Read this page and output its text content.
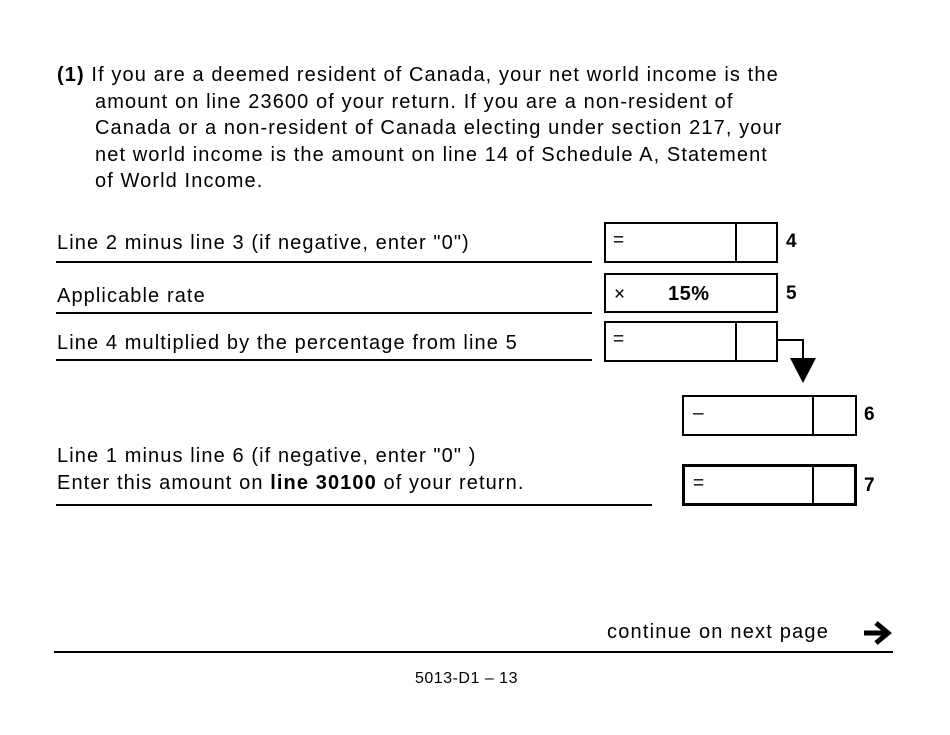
(1) If you are a deemed resident of Canada, your net world income is the
amount on line 23600 of your return. If you are a non-resident of
Canada or a non-resident of Canada electing under section 217, your
net world income is the amount on line 14 of Schedule A, Statement
of World Income.
Line 2 minus line 3 (if negative, enter "0")	=	4
Applicable rate	× 15%	5
Line 4 multiplied by the percentage from line 5	=
–	6
Line 1 minus line 6 (if negative, enter "0" )
Enter this amount on line 30100 of your return.	=	7
continue on next page
5013-D1 – 13
